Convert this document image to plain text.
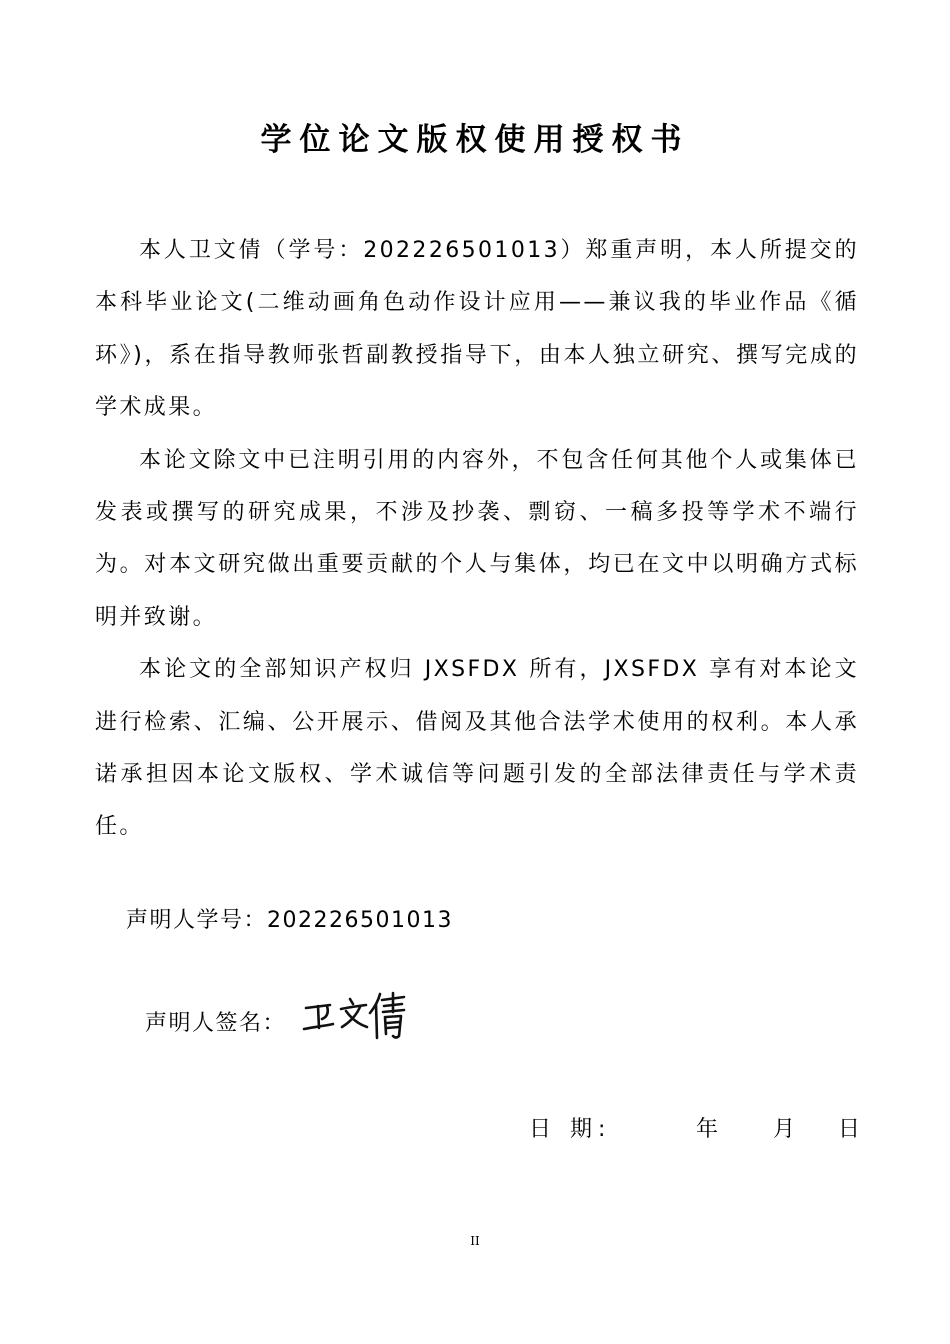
学位论文版权使用授权书

本人卫文倩（学号：202226501013）郑重声明，本人所提交的本科毕业论文(二维动画角色动作设计应用——兼议我的毕业作品《循环》)，系在指导教师张哲副教授指导下，由本人独立研究、撰写完成的学术成果。

本论文除文中已注明引用的内容外，不包含任何其他个人或集体已发表或撰写的研究成果，不涉及抄袭、剽窃、一稿多投等学术不端行为。对本文研究做出重要贡献的个人与集体，均已在文中以明确方式标明并致谢。

本论文的全部知识产权归 JXSFDX 所有，JXSFDX 享有对本论文进行检索、汇编、公开展示、借阅及其他合法学术使用的权利。本人承诺承担因本论文版权、学术诚信等问题引发的全部法律责任与学术责任。

声明人学号：202226501013
声明人签名：
日 期:	年 月 日
II
